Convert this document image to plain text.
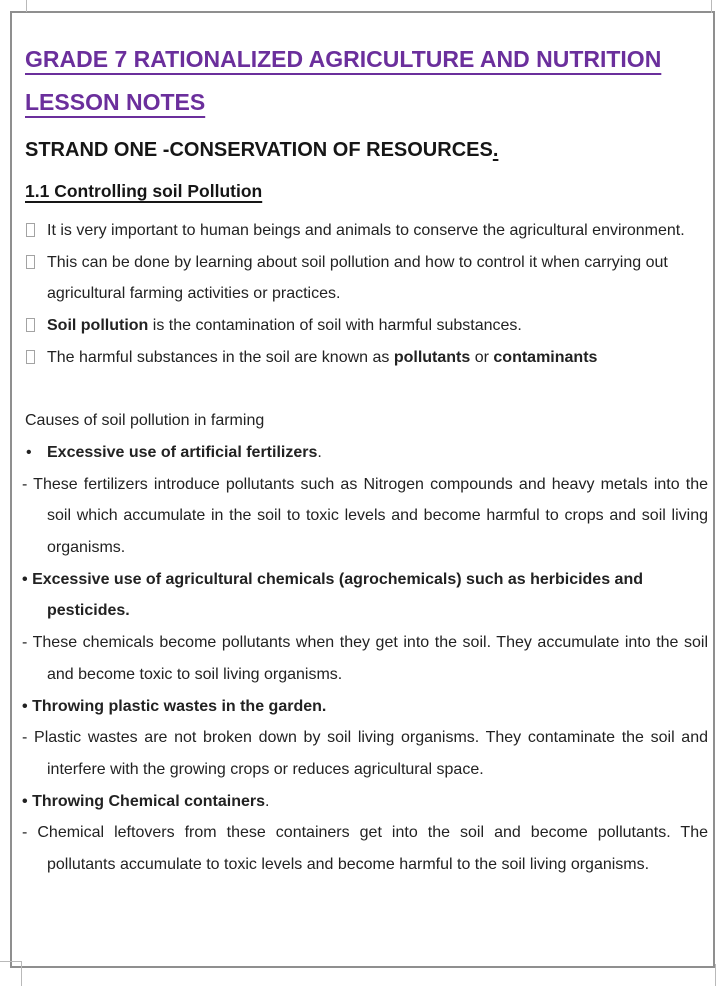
GRADE 7 RATIONALIZED AGRICULTURE AND NUTRITION
LESSON NOTES

STRAND ONE -CONSERVATION OF RESOURCES.

1.1 Controlling soil Pollution

It is very important to human beings and animals to conserve the agricultural environment.

This can be done by learning about soil pollution and how to control it when carrying out agricultural farming activities or practices.

Soil pollution is the contamination of soil with harmful substances.

The harmful substances in the soil are known as pollutants or contaminants

Causes of soil pollution in farming

• Excessive use of artificial fertilizers.

- These fertilizers introduce pollutants such as Nitrogen compounds and heavy metals into the soil which accumulate in the soil to toxic levels and become harmful to crops and soil living organisms.

• Excessive use of agricultural chemicals (agrochemicals) such as herbicides and pesticides.

- These chemicals become pollutants when they get into the soil. They accumulate into the soil and become toxic to soil living organisms.

• Throwing plastic wastes in the garden.

- Plastic wastes are not broken down by soil living organisms. They contaminate the soil and interfere with the growing crops or reduces agricultural space.

• Throwing Chemical containers.

- Chemical leftovers from these containers get into the soil and become pollutants. The pollutants accumulate to toxic levels and become harmful to the soil living organisms.
